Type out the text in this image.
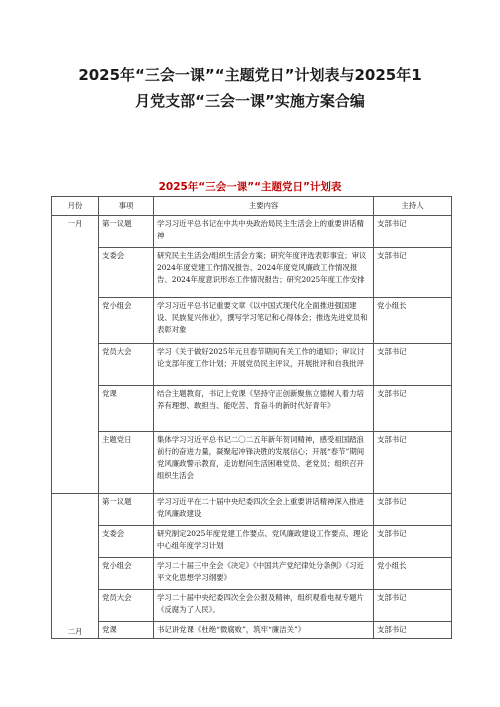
2025年“三会一课”“主题党日”计划表与2025年1
月党支部“三会一课”实施方案合编
2025年“三会一课”“主题党日”计划表
月份	事项	主要内容	主持人
一月	第一议题	学习习近平总书记在中共中央政治局民主生活会上的重要讲话精神	支部书记
	支委会	研究民主生活会/组织生活会方案；研究年度评选表彰事宜；审议2024年度党建工作情况报告、2024年度党风廉政工作情况报告、2024年度意识形态工作情况报告；研究2025年度工作安排	支部书记
	党小组会	学习习近平总书记重要文章《以中国式现代化全面推进强国建设、民族复兴伟业》，撰写学习笔记和心得体会；推选先进党员和表彰对象	党小组长
	党员大会	学习《关于做好2025年元旦春节期间有关工作的通知》；审议讨论支部年度工作计划；开展党员民主评议，开展批评和自我批评	支部书记
	党课	结合主题教育，书记上党课《坚持守正创新聚焦立德树人着力培养有理想、敢担当、能吃苦、肯奋斗的新时代好青年》	支部书记
	主题党日	集体学习习近平总书记二〇二五年新年贺词精神，感受祖国踏浪前行的奋进力量，凝聚起冲锋决胜的发展信心；开展“春节”期间党风廉政警示教育，走访慰问生活困难党员、老党员；组织召开组织生活会	支部书记
二月	第一议题	学习习近平在二十届中央纪委四次全会上重要讲话精神深入推进党风廉政建设	支部书记
	支委会	研究制定2025年度党建工作要点、党风廉政建设工作要点、理论中心组年度学习计划	支部书记
	党小组会	学习二十届三中全会《决定》《中国共产党纪律处分条例》《习近平文化思想学习纲要》	党小组长
	党员大会	学习二十届中央纪委四次全会公报及精神，组织观看电视专题片《反腐为了人民》。	支部书记
	党课	书记讲党课《杜绝“微腐败”，筑牢“廉洁关”》	支部书记
